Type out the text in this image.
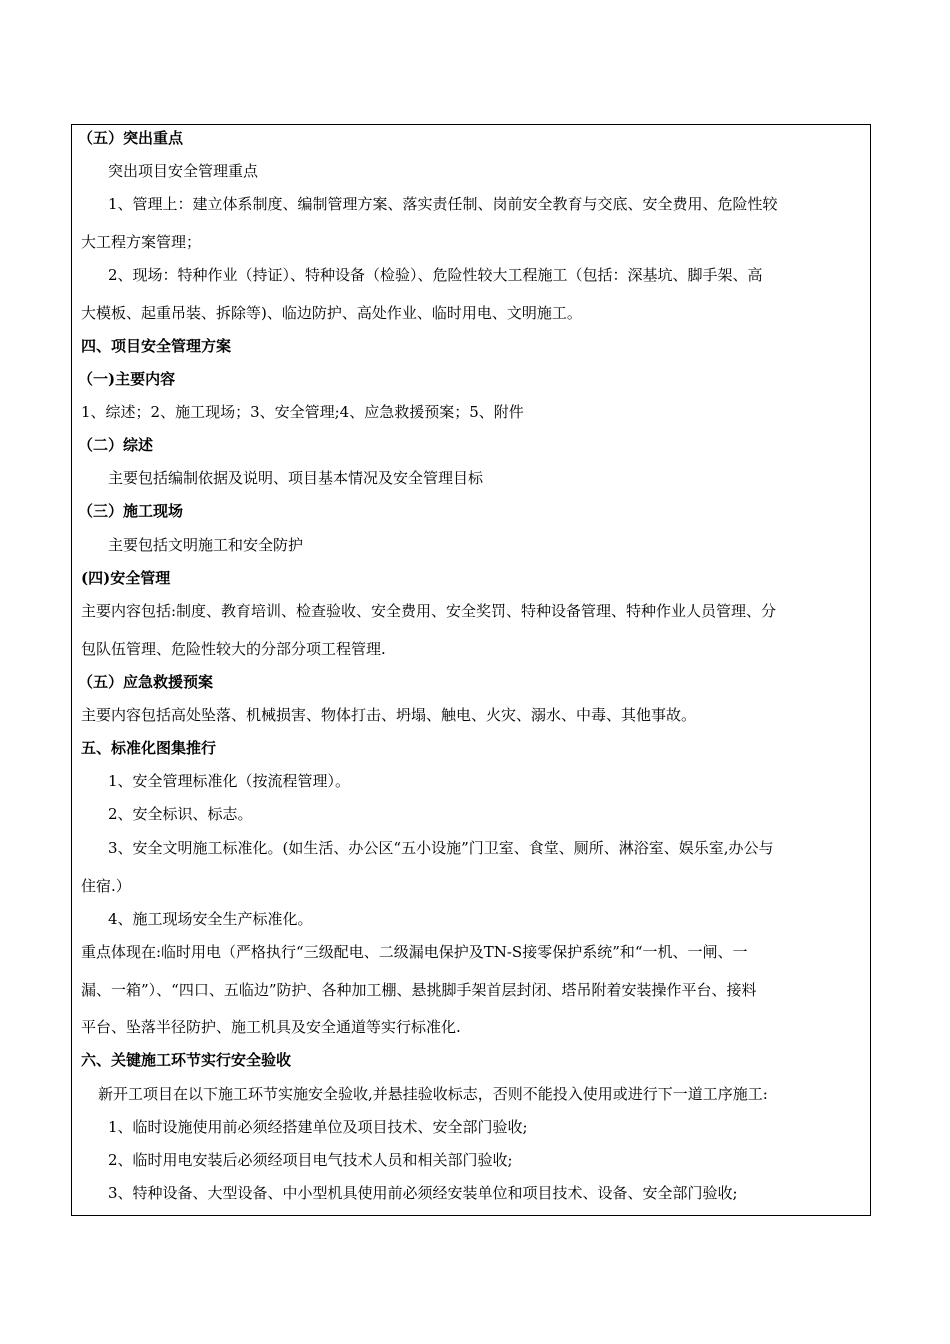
（五）突出重点
突出项目安全管理重点
1、管理上：建立体系制度、编制管理方案、落实责任制、岗前安全教育与交底、安全费用、危险性较
大工程方案管理；
2、现场：特种作业（持证）、特种设备（检验）、危险性较大工程施工（包括：深基坑、脚手架、高
大模板、起重吊装、拆除等)、临边防护、高处作业、临时用电、文明施工。
四、项目安全管理方案
（一)主要内容
1、综述；2、施工现场；3、安全管理;4、应急救援预案；5、附件
（二）综述
主要包括编制依据及说明、项目基本情况及安全管理目标
（三）施工现场
主要包括文明施工和安全防护
(四)安全管理
主要内容包括:制度、教育培训、检查验收、安全费用、安全奖罚、特种设备管理、特种作业人员管理、分
包队伍管理、危险性较大的分部分项工程管理.
（五）应急救援预案
主要内容包括高处坠落、机械损害、物体打击、坍塌、触电、火灾、溺水、中毒、其他事故。
五、标准化图集推行
1、安全管理标准化（按流程管理）。
2、安全标识、标志。
3、安全文明施工标准化。(如生活、办公区“五小设施”门卫室、食堂、厕所、淋浴室、娱乐室,办公与
住宿.）
4、施工现场安全生产标准化。
重点体现在:临时用电（严格执行“三级配电、二级漏电保护及TN-S接零保护系统”和“一机、一闸、一
漏、一箱”）、“四口、五临边”防护、各种加工棚、悬挑脚手架首层封闭、塔吊附着安装操作平台、接料
平台、坠落半径防护、施工机具及安全通道等实行标准化.
六、关键施工环节实行安全验收
新开工项目在以下施工环节实施安全验收,并悬挂验收标志，否则不能投入使用或进行下一道工序施工:
1、临时设施使用前必须经搭建单位及项目技术、安全部门验收;
2、临时用电安装后必须经项目电气技术人员和相关部门验收;
3、特种设备、大型设备、中小型机具使用前必须经安装单位和项目技术、设备、安全部门验收;
